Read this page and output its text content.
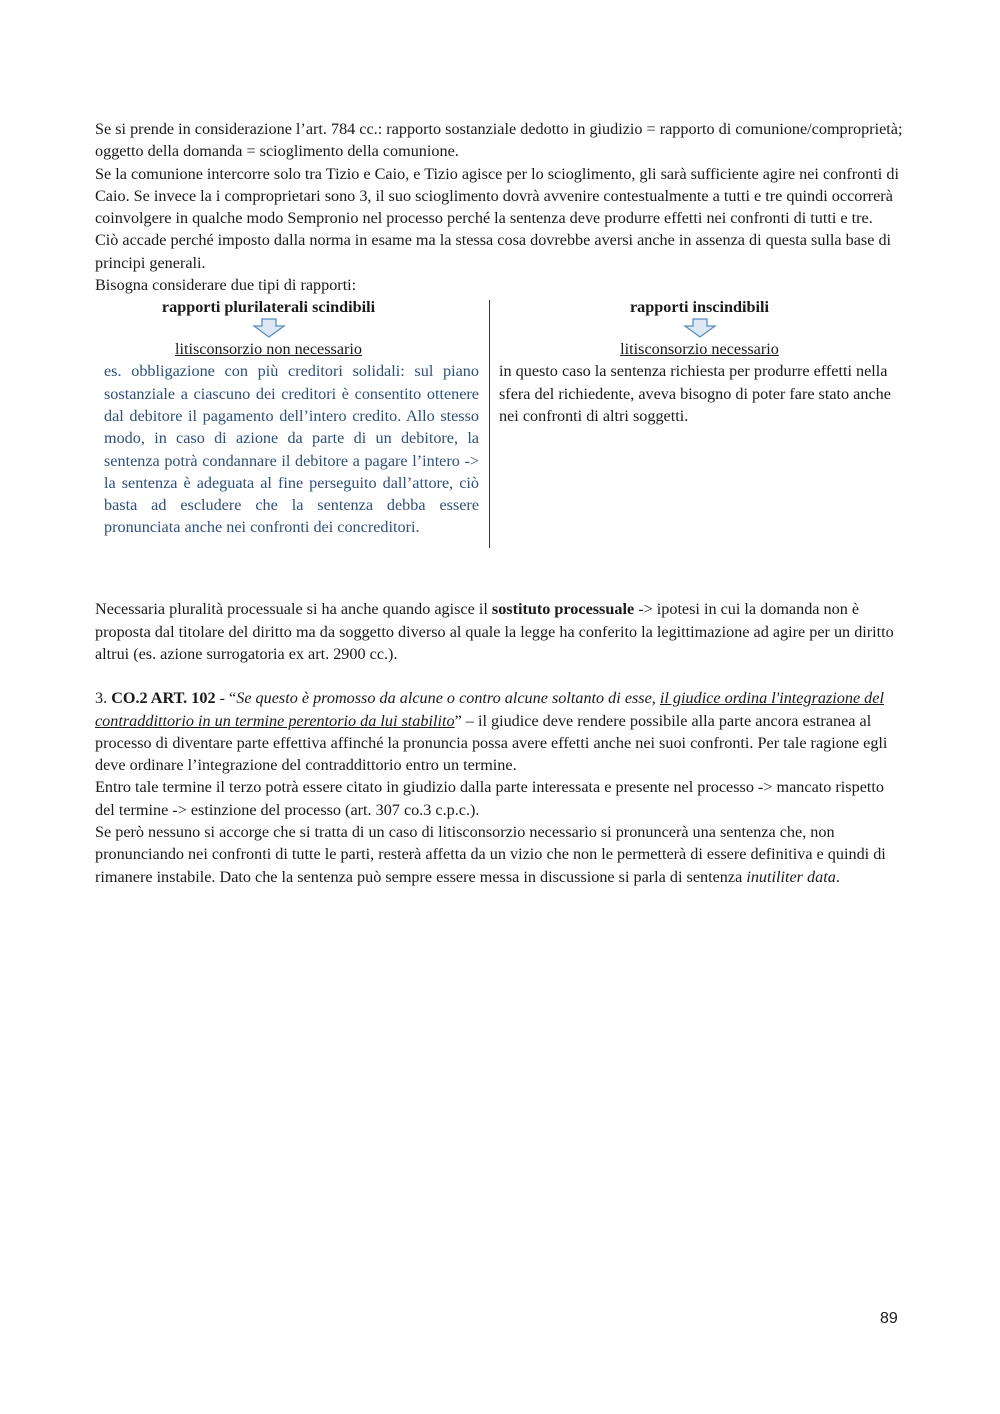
Se si prende in considerazione l’art. 784 cc.: rapporto sostanziale dedotto in giudizio = rapporto di comunione/comproprietà; oggetto della domanda = scioglimento della comunione.

Se la comunione intercorre solo tra Tizio e Caio, e Tizio agisce per lo scioglimento, gli sarà sufficiente agire nei confronti di Caio. Se invece la i comproprietari sono 3, il suo scioglimento dovrà avvenire contestualmente a tutti e tre quindi occorrerà coinvolgere in qualche modo Sempronio nel processo perché la sentenza deve produrre effetti nei confronti di tutti e tre.

Ciò accade perché imposto dalla norma in esame ma la stessa cosa dovrebbe aversi anche in assenza di questa sulla base di principi generali.

Bisogna considerare due tipi di rapporti:

rapporti plurilaterali scindibili
litisconsorzio non necessario
es. obbligazione con più creditori solidali: sul piano sostanziale a ciascuno dei creditori è consentito ottenere dal debitore il pagamento dell’intero credito. Allo stesso modo, in caso di azione da parte di un debitore, la sentenza potrà condannare il debitore a pagare l’intero -> la sentenza è adeguata al fine perseguito dall’attore, ciò basta ad escludere che la sentenza debba essere pronunciata anche nei confronti dei concreditori.
rapporti inscindibili
litisconsorzio necessario
in questo caso la sentenza richiesta per produrre effetti nella sfera del richiedente, aveva bisogno di poter fare stato anche nei confronti di altri soggetti.

Necessaria pluralità processuale si ha anche quando agisce il sostituto processuale -> ipotesi in cui la domanda non è proposta dal titolare del diritto ma da soggetto diverso al quale la legge ha conferito la legittimazione ad agire per un diritto altrui (es. azione surrogatoria ex art. 2900 cc.).

3. CO.2 ART. 102 - “Se questo è promosso da alcune o contro alcune soltanto di esse, il giudice ordina l'integrazione del contraddittorio in un termine perentorio da lui stabilito” – il giudice deve rendere possibile alla parte ancora estranea al processo di diventare parte effettiva affinché la pronuncia possa avere effetti anche nei suoi confronti. Per tale ragione egli deve ordinare l’integrazione del contraddittorio entro un termine.

Entro tale termine il terzo potrà essere citato in giudizio dalla parte interessata e presente nel processo -> mancato rispetto del termine -> estinzione del processo (art. 307 co.3 c.p.c.).

Se però nessuno si accorge che si tratta di un caso di litisconsorzio necessario si pronuncerà una sentenza che, non pronunciando nei confronti di tutte le parti, resterà affetta da un vizio che non le permetterà di essere definitiva e quindi di rimanere instabile. Dato che la sentenza può sempre essere messa in discussione si parla di sentenza inutiliter data.

89
